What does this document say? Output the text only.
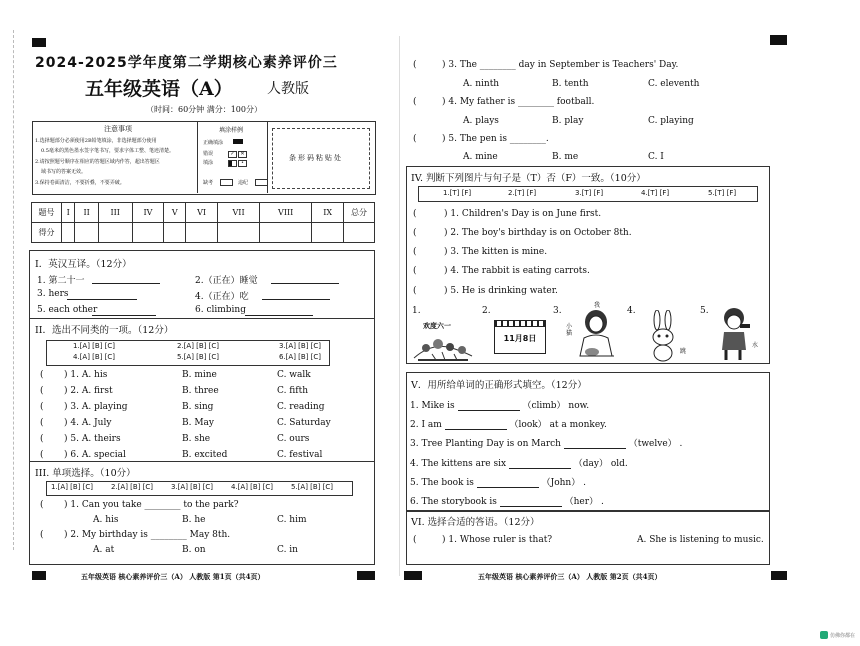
2024-2025学年度第二学期核心素养评价三
五年级英语（A） 人教版
（时间：60分钟 满分：100分）
注意事项
1.选择题部分必须使用2B铅笔填涂，非选择题部分使用
0.5毫米的黑色墨水签字笔书写，要求字体工整、笔迹清楚。
2.请按照题号顺序在相应的答题区域内作答，超出答题区
域书写的答案无效。
3.保持卷面清洁，不要折叠，不要弄破。
填涂样例
正确填涂
错误
填涂
✓	✕
•
缺考	违纪
条形码粘贴处
题号	I	II	III	IV	V	VI	VII	VIII	IX	总分
得分										
I．英汉互译。（12分）
1. 第二十一	2.（正在）睡觉
3. hers	4.（正在）吃
5. each other	6. climbing
II．选出不同类的一项。（12分）
1.[A] [B] [C]	2.[A] [B] [C]	3.[A] [B] [C]
4.[A] [B] [C]	5.[A] [B] [C]	6.[A] [B] [C]
( ) 1. A. his	B. mine	C. walk
( ) 2. A. first	B. three	C. fifth
( ) 3. A. playing	B. sing	C. reading
( ) 4. A. July	B. May	C. Saturday
( ) 5. A. theirs	B. she	C. ours
( ) 6. A. special	B. excited	C. festival
III. 单项选择。（10分）
1.[A] [B] [C]	2.[A] [B] [C]	3.[A] [B] [C]	4.[A] [B] [C]	5.[A] [B] [C]
( ) 1. Can you take ________ to the park?
A. his	B. he	C. him
( ) 2. My birthday is ________ May 8th.
A. at	B. on	C. in
五年级英语 核心素养评价三（A） 人教版 第1页（共4页）
(	) 3. The ________ day in September is Teachers' Day.
A. ninth	B. tenth	C. eleventh
(	) 4. My father is ________ football.
A. plays	B. play	C. playing
(	) 5. The pen is ________.
A. mine	B. me	C. I
IV. 判断下列图片与句子是（T）否（F）一致。（10分）
1.[T] [F]	2.[T] [F]	3.[T] [F]	4.[T] [F]	5.[T] [F]
(	) 1. Children's Day is on June first.
(	) 2. The boy's birthday is on October 8th.
(	) 3. The kitten is mine.
(	) 4. The rabbit is eating carrots.
(	) 5. He is drinking water.
1.	2.	3.	4.	5.
欢度六一
11月8日
我
小猫
跳
水
V．用所给单词的正确形式填空。（12分）
1. Mike is	（climb） now.
2. I am	（look） at a monkey.
3. Tree Planting Day is on March	（twelve） .
4. The kittens are six	（day） old.
5. The book is	（John） .
6. The storybook is	（her） .
VI. 选择合适的答语。（12分）
(	) 1. Whose ruler is that?	A. She is listening to music.
五年级英语 核心素养评价三（A） 人教版 第2页（共4页）
仿佛你都在
